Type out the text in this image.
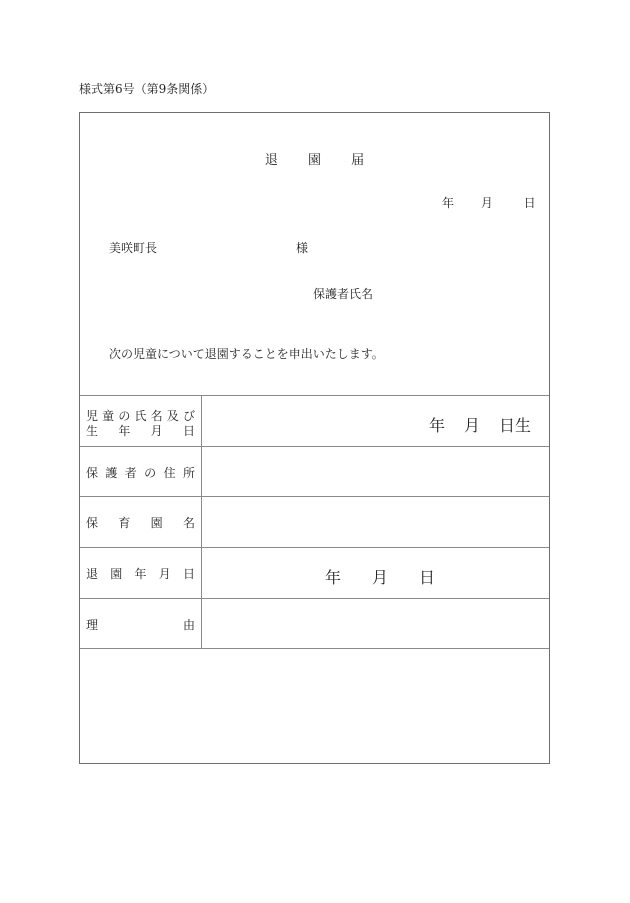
様式第6号（第9条関係）
退 園 届
年 月	日
美咲町長	様
保護者氏名
次の児童について退園することを申出いたします。
児 童 の 氏 名 及 び
生 年 月 日	年	月	日生
保 護 者 の 住 所
保 育 園 名
退 園 年 月 日	年	月	日
理	由
